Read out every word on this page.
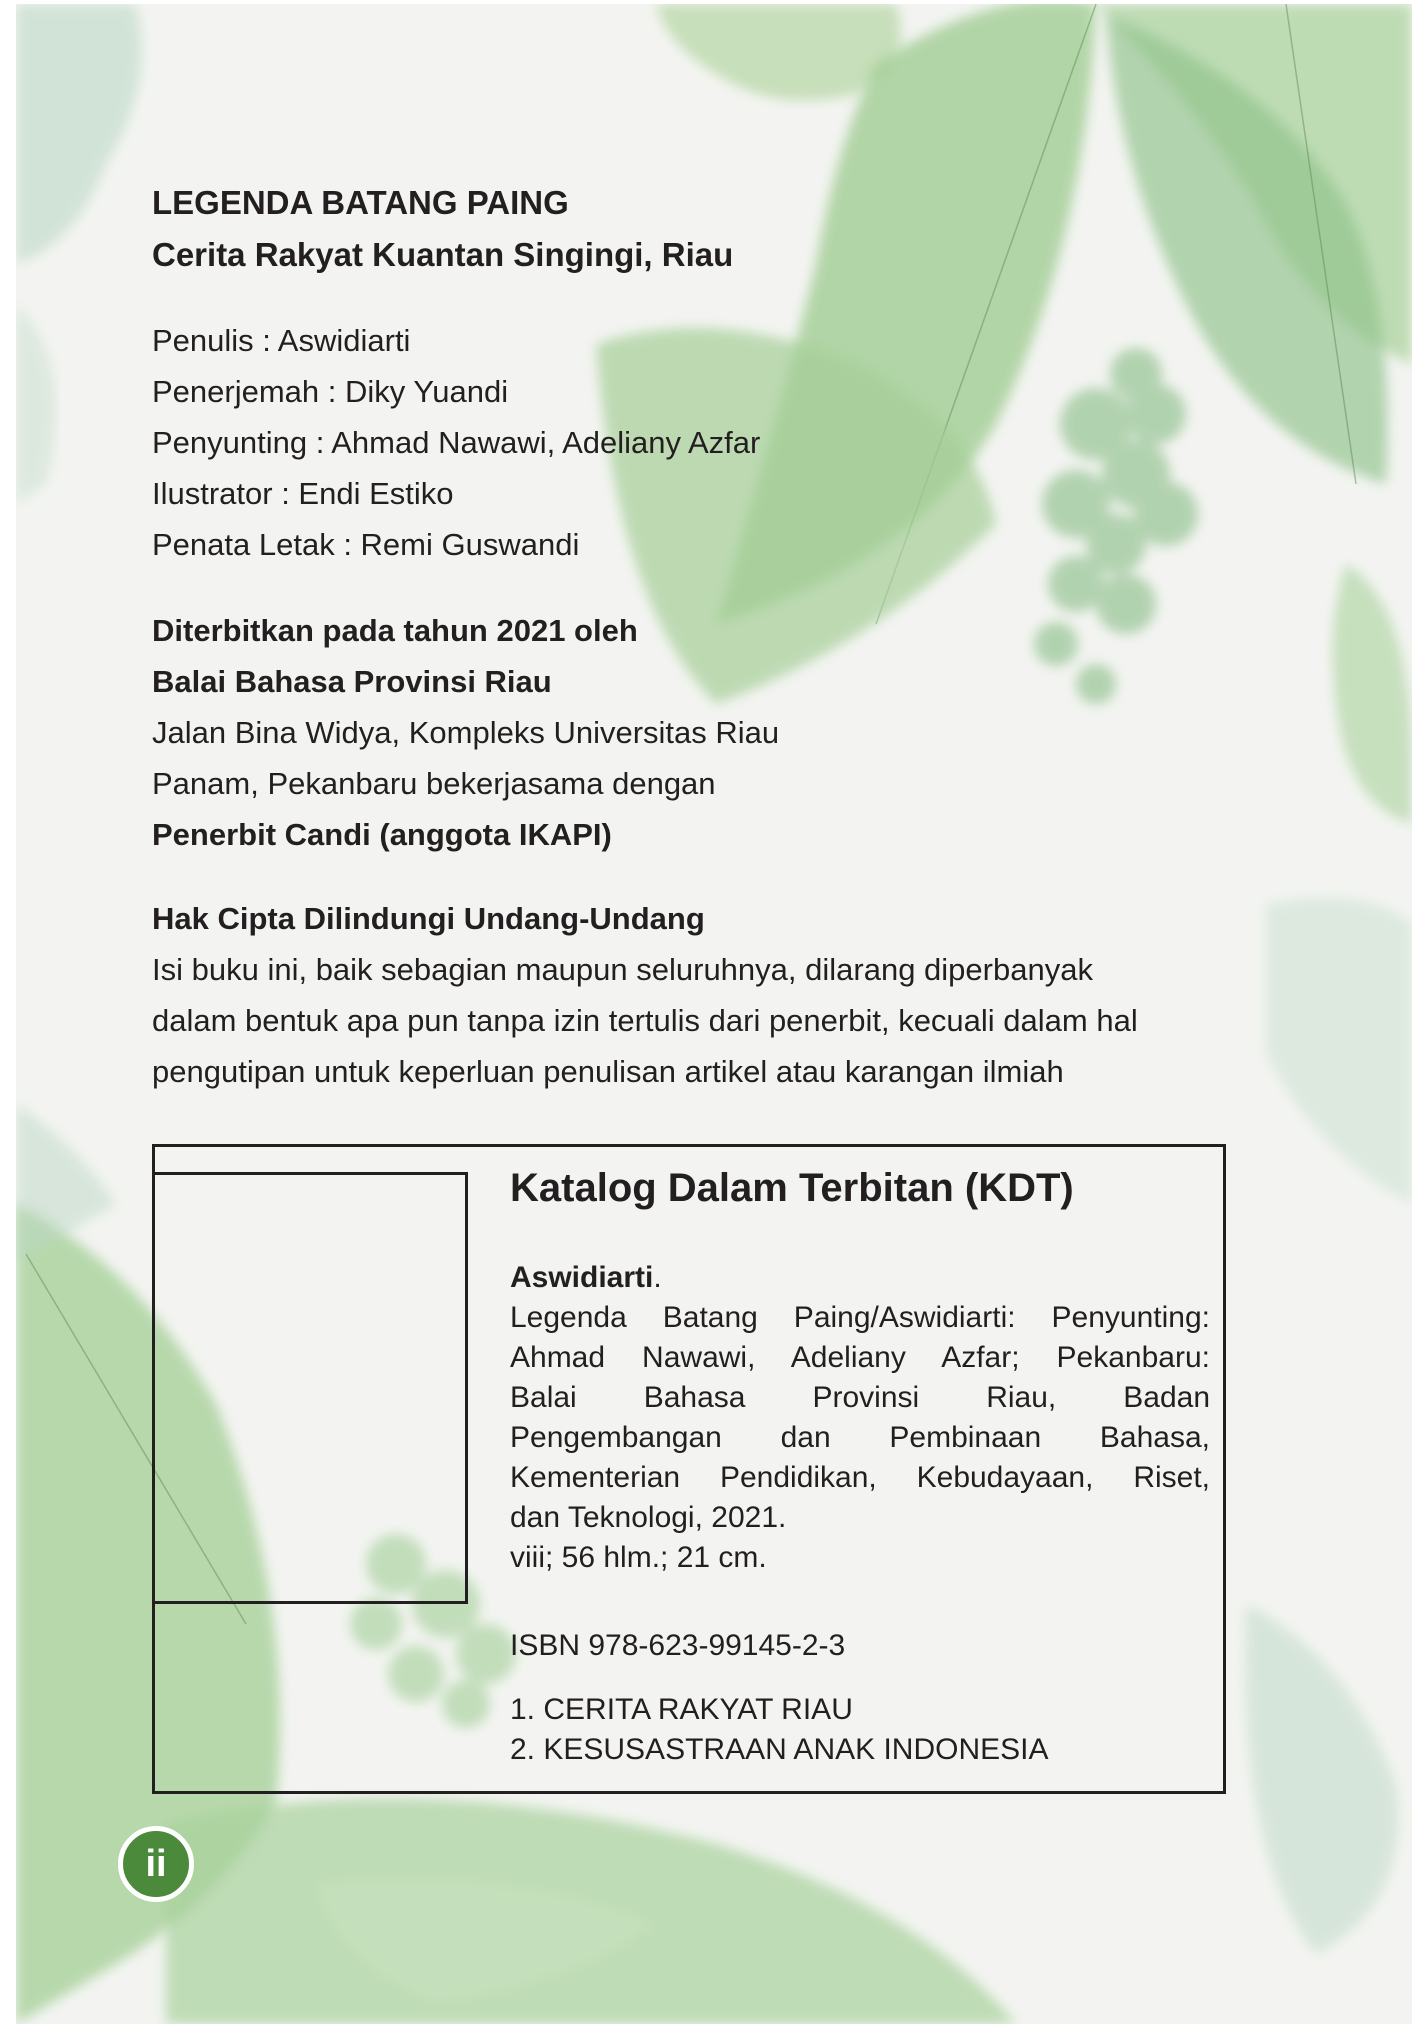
LEGENDA BATANG PAING
Cerita Rakyat Kuantan Singingi, Riau
Penulis : Aswidiarti
Penerjemah : Diky Yuandi
Penyunting : Ahmad Nawawi, Adeliany Azfar
Ilustrator : Endi Estiko
Penata Letak : Remi Guswandi
Diterbitkan pada tahun 2021 oleh
Balai Bahasa Provinsi Riau
Jalan Bina Widya, Kompleks Universitas Riau
Panam, Pekanbaru bekerjasama dengan
Penerbit Candi (anggota IKAPI)
Hak Cipta Dilindungi Undang-Undang
Isi buku ini, baik sebagian maupun seluruhnya, dilarang diperbanyak
dalam bentuk apa pun tanpa izin tertulis dari penerbit, kecuali dalam hal
pengutipan untuk keperluan penulisan artikel atau karangan ilmiah
Katalog Dalam Terbitan (KDT)
Aswidiarti.
Legenda Batang Paing/Aswidiarti: Penyunting:
Ahmad Nawawi, Adeliany Azfar; Pekanbaru:
Balai Bahasa Provinsi Riau, Badan
Pengembangan dan Pembinaan Bahasa,
Kementerian Pendidikan, Kebudayaan, Riset,
dan Teknologi, 2021.
viii; 56 hlm.; 21 cm.
ISBN 978-623-99145-2-3
1. CERITA RAKYAT RIAU
2. KESUSASTRAAN ANAK INDONESIA
ii
